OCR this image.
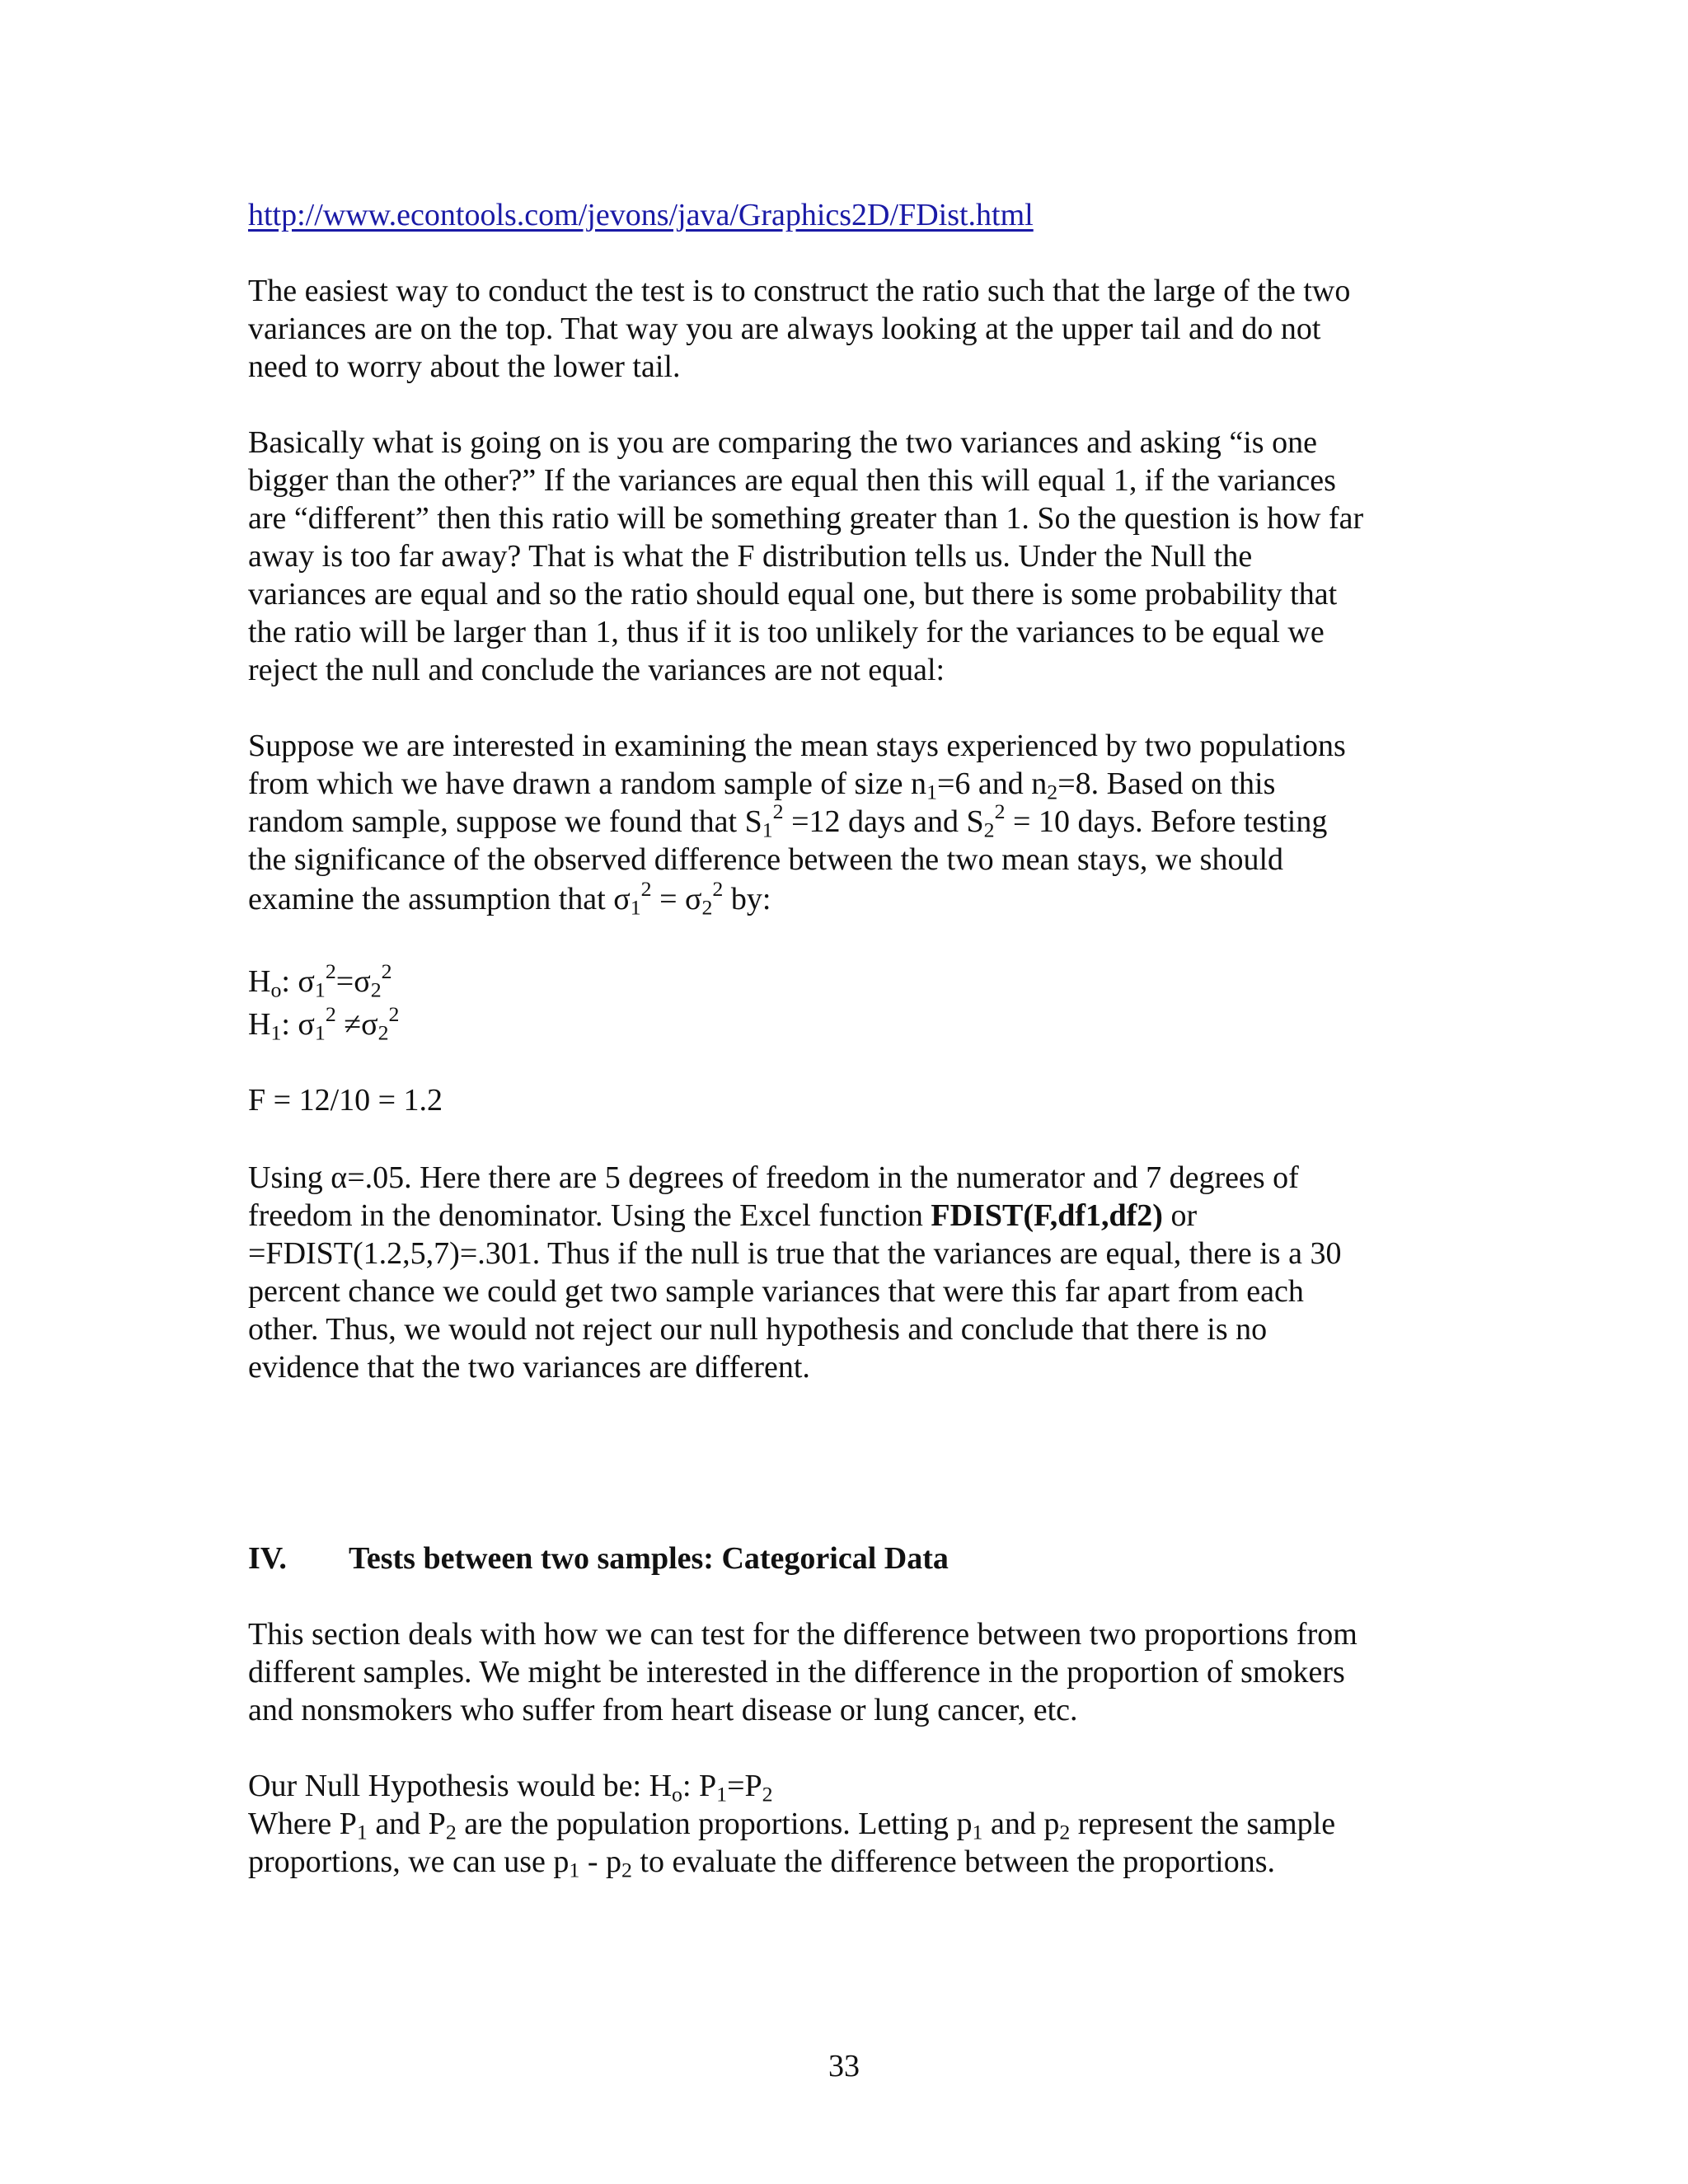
http://www.econtools.com/jevons/java/Graphics2D/FDist.html

The easiest way to conduct the test is to construct the ratio such that the large of the two

variances are on the top. That way you are always looking at the upper tail and do not

need to worry about the lower tail.

Basically what is going on is you are comparing the two variances and asking “is one

bigger than the other?” If the variances are equal then this will equal 1, if the variances

are “different” then this ratio will be something greater than 1. So the question is how far

away is too far away? That is what the F distribution tells us. Under the Null the

variances are equal and so the ratio should equal one, but there is some probability that

the ratio will be larger than 1, thus if it is too unlikely for the variances to be equal we

reject the null and conclude the variances are not equal:

Suppose we are interested in examining the mean stays experienced by two populations

from which we have drawn a random sample of size $n_1=6$ and $n_2=8$. Based on this

random sample, suppose we found that $S_1^2 =12$ days and $S_2^2 = 10$ days. Before testing

the significance of the observed difference between the two mean stays, we should

examine the assumption that $\sigma_1^2 = \sigma_2^2$ by:

$H_o$: $\sigma_1^2=\sigma_2^2$

$H_1$: $\sigma_1^2 \ne\sigma_2^2$

F = 12/10 = 1.2

Using α=.05. Here there are 5 degrees of freedom in the numerator and 7 degrees of

freedom in the denominator. Using the Excel function FDIST(F,df1,df2) or

=FDIST(1.2,5,7)=.301. Thus if the null is true that the variances are equal, there is a 30

percent chance we could get two sample variances that were this far apart from each

other. Thus, we would not reject our null hypothesis and conclude that there is no

evidence that the two variances are different.

IV. Tests between two samples: Categorical Data

This section deals with how we can test for the difference between two proportions from

different samples. We might be interested in the difference in the proportion of smokers

and nonsmokers who suffer from heart disease or lung cancer, etc.

Our Null Hypothesis would be: $H_o$: $P_1=P_2$

Where $P_1$ and $P_2$ are the population proportions. Letting $p_1$ and $p_2$ represent the sample

proportions, we can use $p_1 - p_2$ to evaluate the difference between the proportions.

33
